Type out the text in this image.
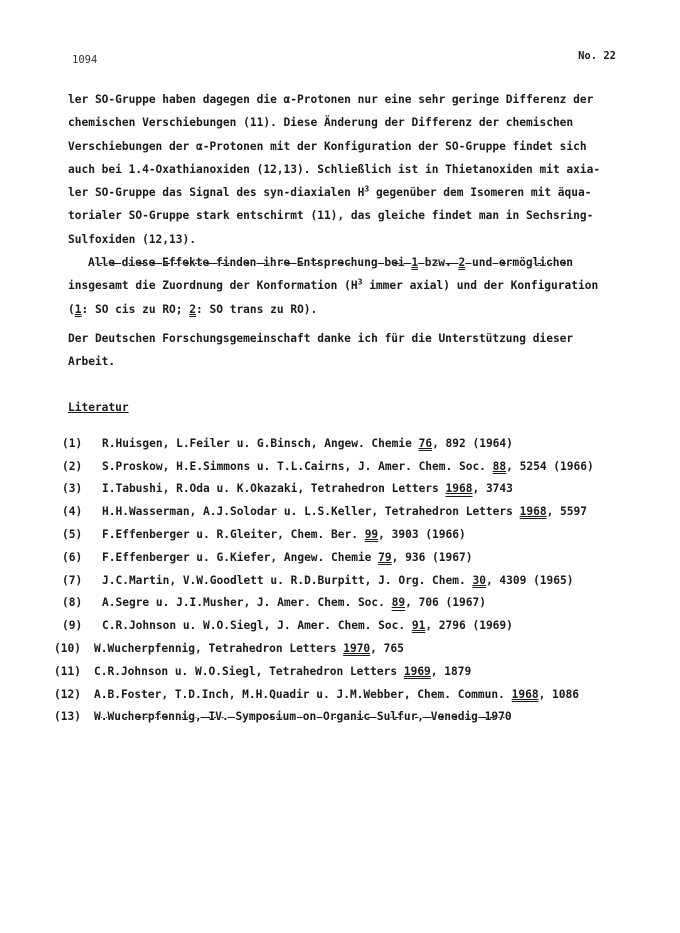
1094	No. 22
ler SO-Gruppe haben dagegen die α-Protonen nur eine sehr geringe Differenz der
chemischen Verschiebungen (11). Diese Änderung der Differenz der chemischen
Verschiebungen der α-Protonen mit der Konfiguration der SO-Gruppe findet sich
auch bei 1.4-Oxathianoxiden (12,13). Schließlich ist in Thietanoxiden mit axia-
ler SO-Gruppe das Signal des syn-diaxialen $H^3$ gegenüber dem Isomeren mit äqua-
torialer SO-Gruppe stark entschirmt (11), das gleiche findet man in Sechsring-
Sulfoxiden (12,13).
Alle diese Effekte finden ihre Entsprechung bei 1 bzw. 2 und ermöglichen
insgesamt die Zuordnung der Konformation ($H^3$ immer axial) und der Konfiguration
(1: SO cis zu RO; 2: SO trans zu RO).
Der Deutschen Forschungsgemeinschaft danke ich für die Unterstützung dieser
Arbeit.
Literatur
(1) R.Huisgen, L.Feiler u. G.Binsch, Angew. Chemie 76, 892 (1964)
(2) S.Proskow, H.E.Simmons u. T.L.Cairns, J. Amer. Chem. Soc. 88, 5254 (1966)
(3) I.Tabushi, R.Oda u. K.Okazaki, Tetrahedron Letters 1968, 3743
(4) H.H.Wasserman, A.J.Solodar u. L.S.Keller, Tetrahedron Letters 1968, 5597
(5) F.Effenberger u. R.Gleiter, Chem. Ber. 99, 3903 (1966)
(6) F.Effenberger u. G.Kiefer, Angew. Chemie 79, 936 (1967)
(7) J.C.Martin, V.W.Goodlett u. R.D.Burpitt, J. Org. Chem. 30, 4309 (1965)
(8) A.Segre u. J.I.Musher, J. Amer. Chem. Soc. 89, 706 (1967)
(9) C.R.Johnson u. W.O.Siegl, J. Amer. Chem. Soc. 91, 2796 (1969)
(10) W.Wucherpfennig, Tetrahedron Letters 1970, 765
(11) C.R.Johnson u. W.O.Siegl, Tetrahedron Letters 1969, 1879
(12) A.B.Foster, T.D.Inch, M.H.Quadir u. J.M.Webber, Chem. Commun. 1968, 1086
(13) W.Wucherpfennig, IV. Symposium on Organic Sulfur, Venedig 1970
